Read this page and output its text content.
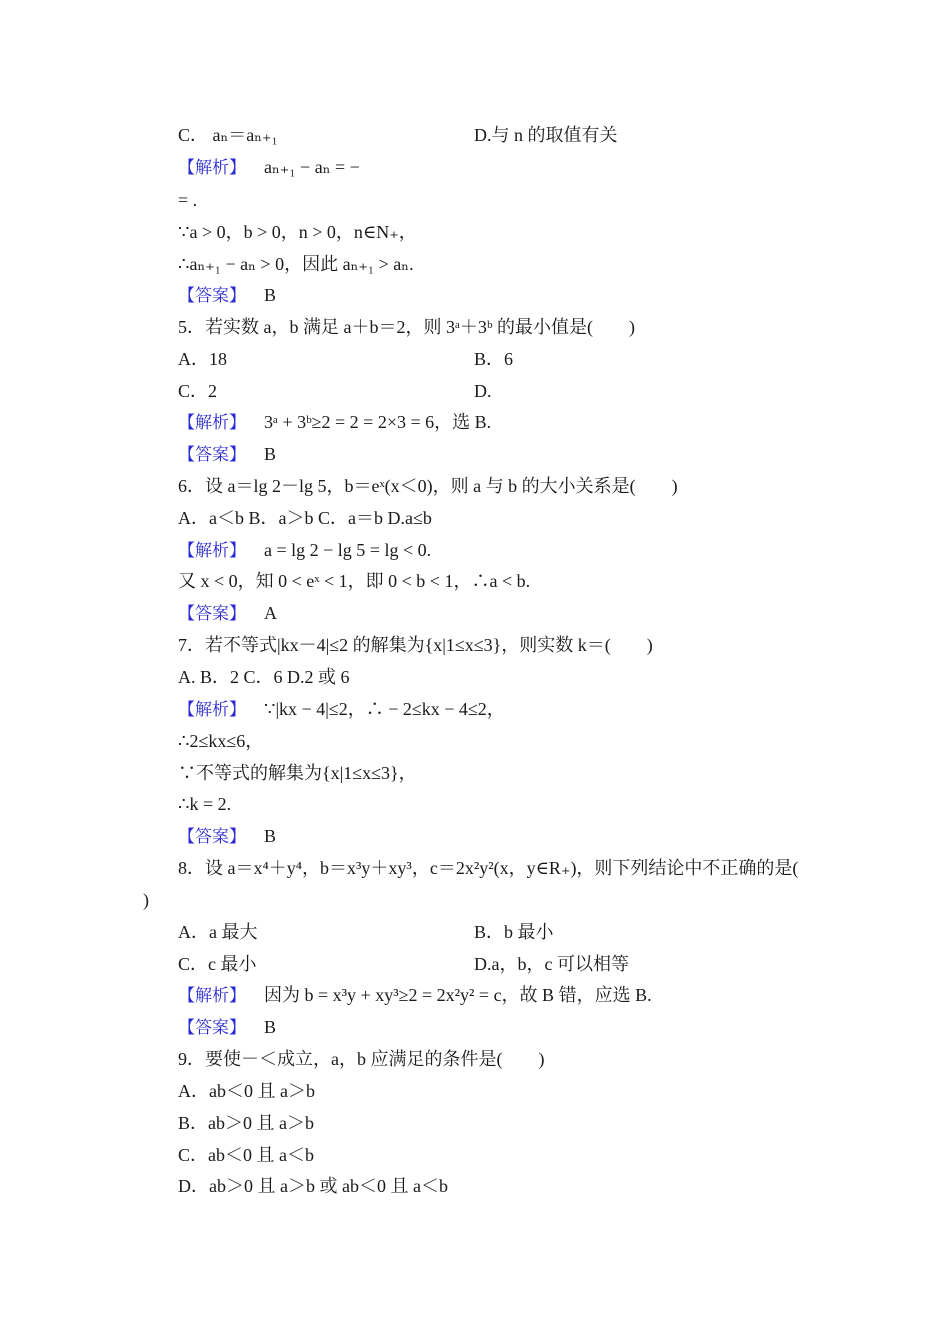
C． aₙ＝aₙ₊₁	D.与 n 的取值有关
【解析】 aₙ₊₁ − aₙ = −
= .
∵a > 0，b > 0，n > 0，n∈N₊，
∴aₙ₊₁ − aₙ > 0，因此 aₙ₊₁ > aₙ.
【答案】 B
5．若实数 a，b 满足 a＋b＝2，则 3ᵃ＋3ᵇ 的最小值是(　　)
A．18	B．6
C．2	D.
【解析】 3ᵃ + 3ᵇ≥2 = 2 = 2×3 = 6，选 B.
【答案】 B
6．设 a＝lg 2－lg 5，b＝eˣ(x＜0)，则 a 与 b 的大小关系是(　　)
A．a＜b B．a＞b C．a＝b D.a≤b
【解析】 a = lg 2 − lg 5 = lg < 0.
又 x < 0，知 0 < eˣ < 1，即 0 < b < 1，∴a < b.
【答案】 A
7．若不等式|kx－4|≤2 的解集为{x|1≤x≤3}，则实数 k＝(　　)
A. B．2 C．6 D.2 或 6
【解析】 ∵|kx − 4|≤2，∴ − 2≤kx − 4≤2，
∴2≤kx≤6，
∵不等式的解集为{x|1≤x≤3}，
∴k = 2.
【答案】 B
8．设 a＝x⁴＋y⁴，b＝x³y＋xy³，c＝2x²y²(x，y∈R₊)，则下列结论中不正确的是(
)
A．a 最大	B．b 最小
C．c 最小	D.a，b，c 可以相等
【解析】 因为 b = x³y + xy³≥2 = 2x²y² = c，故 B 错，应选 B.
【答案】 B
9．要使－＜成立，a，b 应满足的条件是(　　)
A．ab＜0 且 a＞b
B．ab＞0 且 a＞b
C．ab＜0 且 a＜b
D．ab＞0 且 a＞b 或 ab＜0 且 a＜b
